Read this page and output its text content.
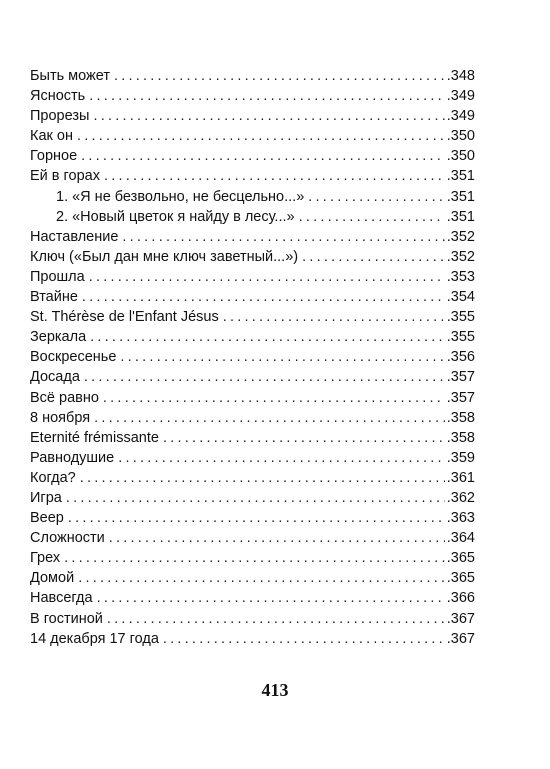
Быть может . . .	.348
Ясность . . .	.349
Прорезы . . .	.349
Как он . . .	.350
Горное . . .	.350
Ей в горах . . .	.351
1. «Я не безвольно, не бесцельно...» . . .	.351
2. «Новый цветок я найду в лесу...» . . .	.351
Наставление . . .	.352
Ключ («Был дан мне ключ заветный...») . . .	.352
Прошла . . .	.353
Втайне . . .	.354
St. Thérèse de l'Enfant Jésus . . .	.355
Зеркала . . .	.355
Воскресенье . . .	.356
Досада . . .	.357
Всё равно . . .	.357
8 ноября . . .	.358
Eternité frémissante . . .	.358
Равнодушие . . .	.359
Когда? . . .	.361
Игра . . .	.362
Веер . . .	.363
Сложности . . .	.364
Грех . . .	.365
Домой . . .	.365
Навсегда . . .	.366
В гостиной . . .	.367
14 декабря 17 года . . .	.367
413
